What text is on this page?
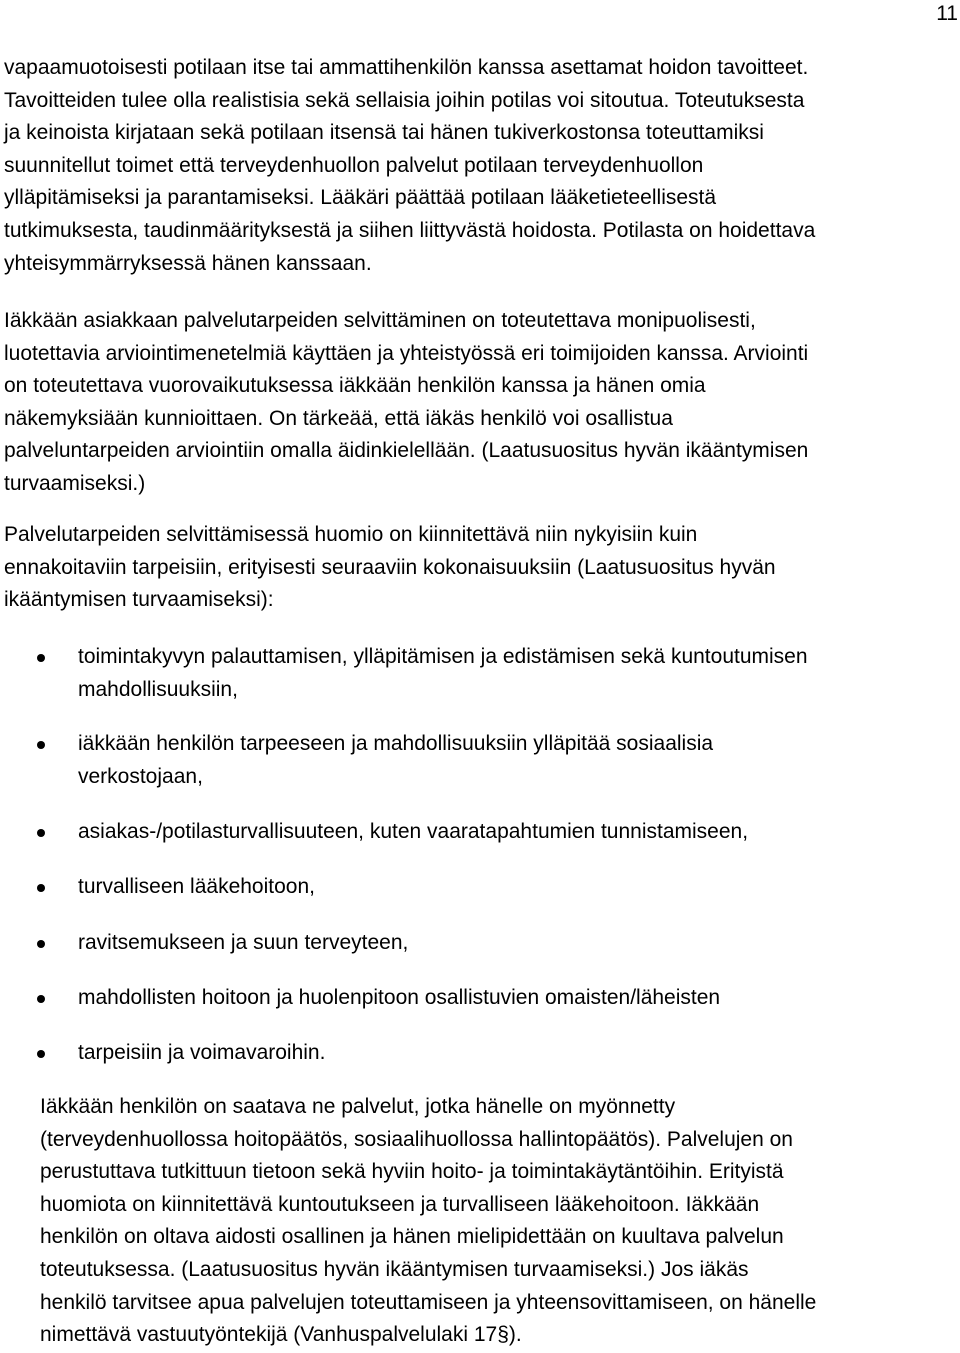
11

vapaamuotoisesti potilaan itse tai ammattihenkilön kanssa asettamat hoidon tavoitteet.
Tavoitteiden tulee olla realistisia sekä sellaisia joihin potilas voi sitoutua. Toteutuksesta
ja keinoista kirjataan sekä potilaan itsensä tai hänen tukiverkostonsa toteuttamiksi
suunnitellut toimet että terveydenhuollon palvelut potilaan terveydenhuollon
ylläpitämiseksi ja parantamiseksi. Lääkäri päättää potilaan lääketieteellisestä
tutkimuksesta, taudinmäärityksestä ja siihen liittyvästä hoidosta. Potilasta on hoidettava
yhteisymmärryksessä hänen kanssaan.

Iäkkään asiakkaan palvelutarpeiden selvittäminen on toteutettava monipuolisesti,
luotettavia arviointimenetelmiä käyttäen ja yhteistyössä eri toimijoiden kanssa. Arviointi
on toteutettava vuorovaikutuksessa iäkkään henkilön kanssa ja hänen omia
näkemyksiään kunnioittaen. On tärkeää, että iäkäs henkilö voi osallistua
palveluntarpeiden arviointiin omalla äidinkielellään. (Laatusuositus hyvän ikääntymisen
turvaamiseksi.)

Palvelutarpeiden selvittämisessä huomio on kiinnitettävä niin nykyisiin kuin
ennakoitaviin tarpeisiin, erityisesti seuraaviin kokonaisuuksiin (Laatusuositus hyvän
ikääntymisen turvaamiseksi):

toimintakyvyn palauttamisen, ylläpitämisen ja edistämisen sekä kuntoutumisen
mahdollisuuksiin,
iäkkään henkilön tarpeeseen ja mahdollisuuksiin ylläpitää sosiaalisia
verkostojaan,
asiakas-/potilasturvallisuuteen, kuten vaaratapahtumien tunnistamiseen,
turvalliseen lääkehoitoon,
ravitsemukseen ja suun terveyteen,
mahdollisten hoitoon ja huolenpitoon osallistuvien omaisten/läheisten
tarpeisiin ja voimavaroihin.

Iäkkään henkilön on saatava ne palvelut, jotka hänelle on myönnetty
(terveydenhuollossa hoitopäätös, sosiaalihuollossa hallintopäätös). Palvelujen on
perustuttava tutkittuun tietoon sekä hyviin hoito- ja toimintakäytäntöihin. Erityistä
huomiota on kiinnitettävä kuntoutukseen ja turvalliseen lääkehoitoon. Iäkkään
henkilön on oltava aidosti osallinen ja hänen mielipidettään on kuultava palvelun
toteutuksessa. (Laatusuositus hyvän ikääntymisen turvaamiseksi.) Jos iäkäs
henkilö tarvitsee apua palvelujen toteuttamiseen ja yhteensovittamiseen, on hänelle
nimettävä vastuutyöntekijä (Vanhuspalvelulaki 17§).
